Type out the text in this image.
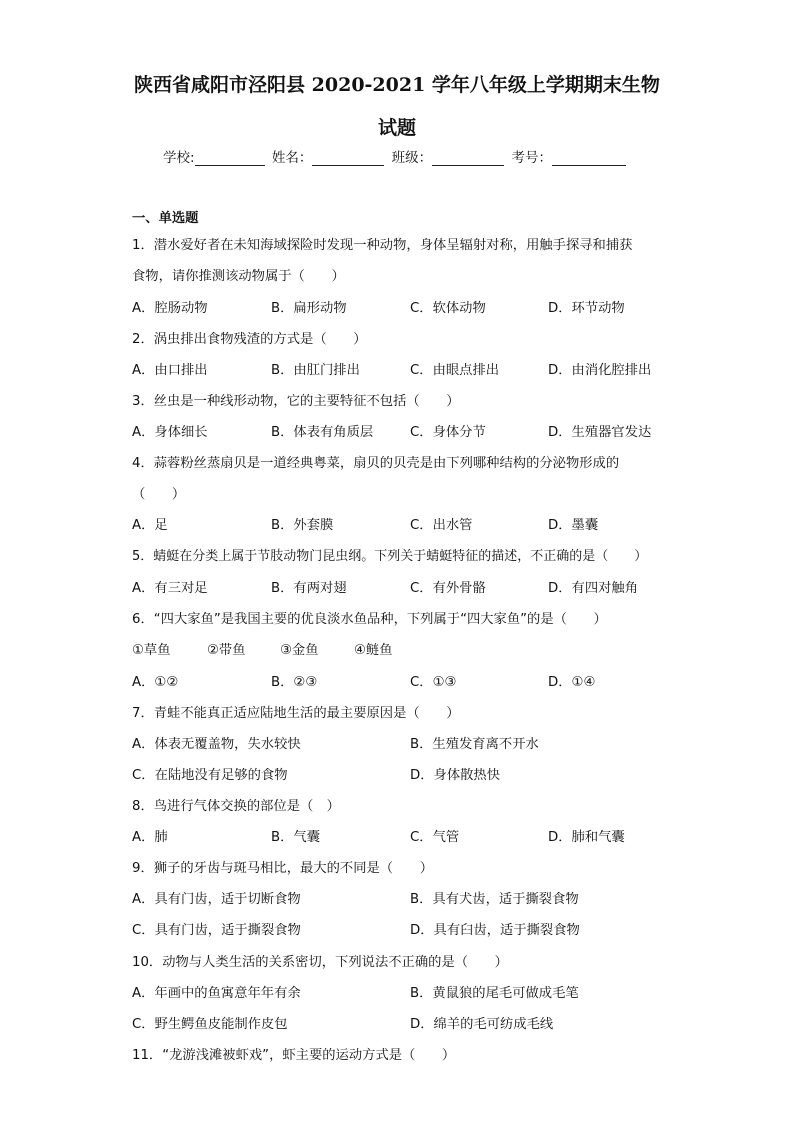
陕西省咸阳市泾阳县 2020-2021 学年八年级上学期期末生物
试题
学校:	姓名：	班级：	考号：
一、单选题
1．潜水爱好者在未知海域探险时发现一种动物，身体呈辐射对称，用触手探寻和捕获
食物，请你推测该动物属于（　　）
A．腔肠动物	B．扁形动物	C．软体动物	D．环节动物
2．涡虫排出食物残渣的方式是（　　）
A．由口排出	B．由肛门排出	C．由眼点排出	D．由消化腔排出
3．丝虫是一种线形动物，它的主要特征不包括（　　）
A．身体细长	B．体表有角质层	C．身体分节	D．生殖器官发达
4．蒜蓉粉丝蒸扇贝是一道经典粤菜，扇贝的贝壳是由下列哪种结构的分泌物形成的
（　　）
A．足	B．外套膜	C．出水管	D．墨囊
5．蜻蜓在分类上属于节肢动物门昆虫纲。下列关于蜻蜓特征的描述，不正确的是（　　）
A．有三对足	B．有两对翅	C．有外骨骼	D．有四对触角
6．“四大家鱼”是我国主要的优良淡水鱼品种，下列属于“四大家鱼”的是（　　）
①草鱼	②带鱼	③金鱼	④鲢鱼
A．①②	B．②③	C．①③	D．①④
7．青蛙不能真正适应陆地生活的最主要原因是（　　）
A．体表无覆盖物，失水较快	B．生殖发育离不开水
C．在陆地没有足够的食物	D．身体散热快
8．鸟进行气体交换的部位是（　）
A．肺	B．气囊	C．气管	D．肺和气囊
9．狮子的牙齿与斑马相比，最大的不同是（　　）
A．具有门齿，适于切断食物	B．具有犬齿，适于撕裂食物
C．具有门齿，适于撕裂食物	D．具有臼齿，适于撕裂食物
10．动物与人类生活的关系密切，下列说法不正确的是（　　）
A．年画中的鱼寓意年年有余	B．黄鼠狼的尾毛可做成毛笔
C．野生鳄鱼皮能制作皮包	D．绵羊的毛可纺成毛线
11．“龙游浅滩被虾戏”，虾主要的运动方式是（　　）
